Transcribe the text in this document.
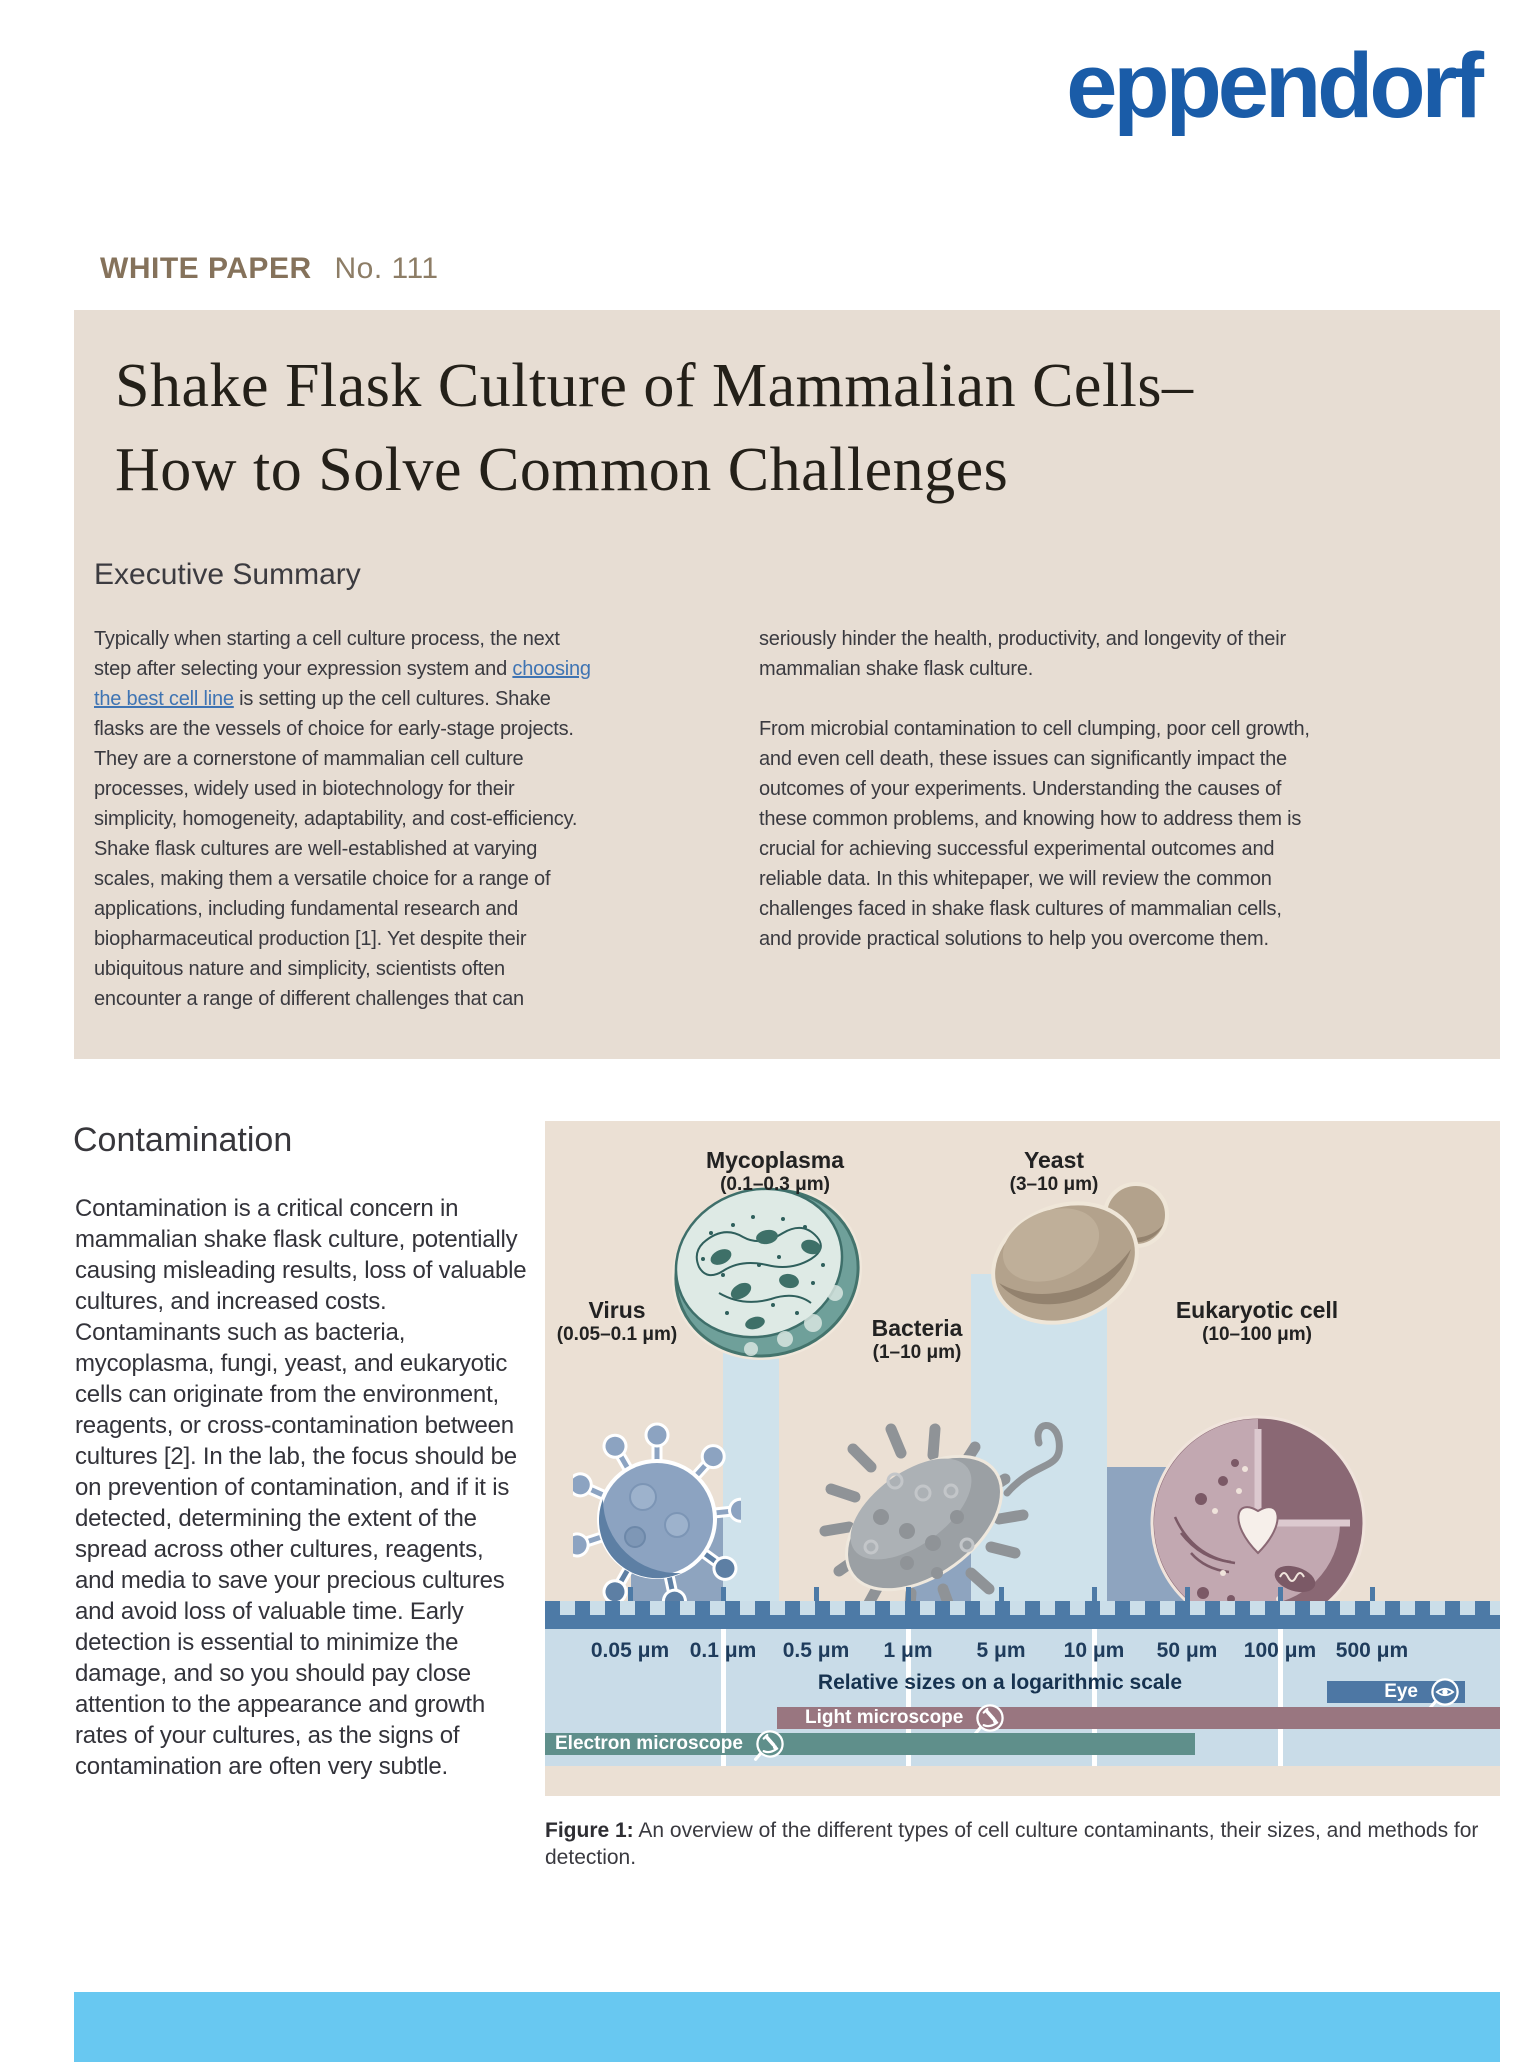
eppendorf
WHITE PAPER No. 111
Shake Flask Culture of Mammalian Cells–
How to Solve Common Challenges
Executive Summary
Typically when starting a cell culture process, the next step after selecting your expression system and choosing the best cell line is setting up the cell cultures. Shake flasks are the vessels of choice for early-stage projects. They are a cornerstone of mammalian cell culture processes, widely used in biotechnology for their simplicity, homogeneity, adaptability, and cost-efficiency. Shake flask cultures are well-established at varying scales, making them a versatile choice for a range of applications, including fundamental research and biopharmaceutical production [1]. Yet despite their ubiquitous nature and simplicity, scientists often encounter a range of different challenges that can

seriously hinder the health, productivity, and longevity of their mammalian shake flask culture.

From microbial contamination to cell clumping, poor cell growth, and even cell death, these issues can significantly impact the outcomes of your experiments. Understanding the causes of these common problems, and knowing how to address them is crucial for achieving successful experimental outcomes and reliable data. In this whitepaper, we will review the common challenges faced in shake flask cultures of mammalian cells, and provide practical solutions to help you overcome them.

Contamination
Contamination is a critical concern in mammalian shake flask culture, potentially causing misleading results, loss of valuable cultures, and increased costs. Contaminants such as bacteria, mycoplasma, fungi, yeast, and eukaryotic cells can originate from the environment, reagents, or cross-contamination between cultures [2]. In the lab, the focus should be on prevention of contamination, and if it is detected, determining the extent of the spread across other cultures, reagents, and media to save your precious cultures and avoid loss of valuable time. Early detection is essential to minimize the damage, and so you should pay close attention to the appearance and growth rates of your cultures, as the signs of contamination are often very subtle.
Mycoplasma
(0.1–0.3 μm)
Yeast
(3–10 μm)
Virus
(0.05–0.1 μm)	Bacteria
(1–10 μm)
Eukaryotic cell
(10–100 μm)
0.05 μm 0.1 μm 0.5 μm 1 μm 5 μm 10 μm 50 μm 100 μm 500 μm
Relative sizes on a logarithmic scale	Eye
Light microscope
Electron microscope
Figure 1: An overview of the different types of cell culture contaminants, their sizes, and methods for detection.
